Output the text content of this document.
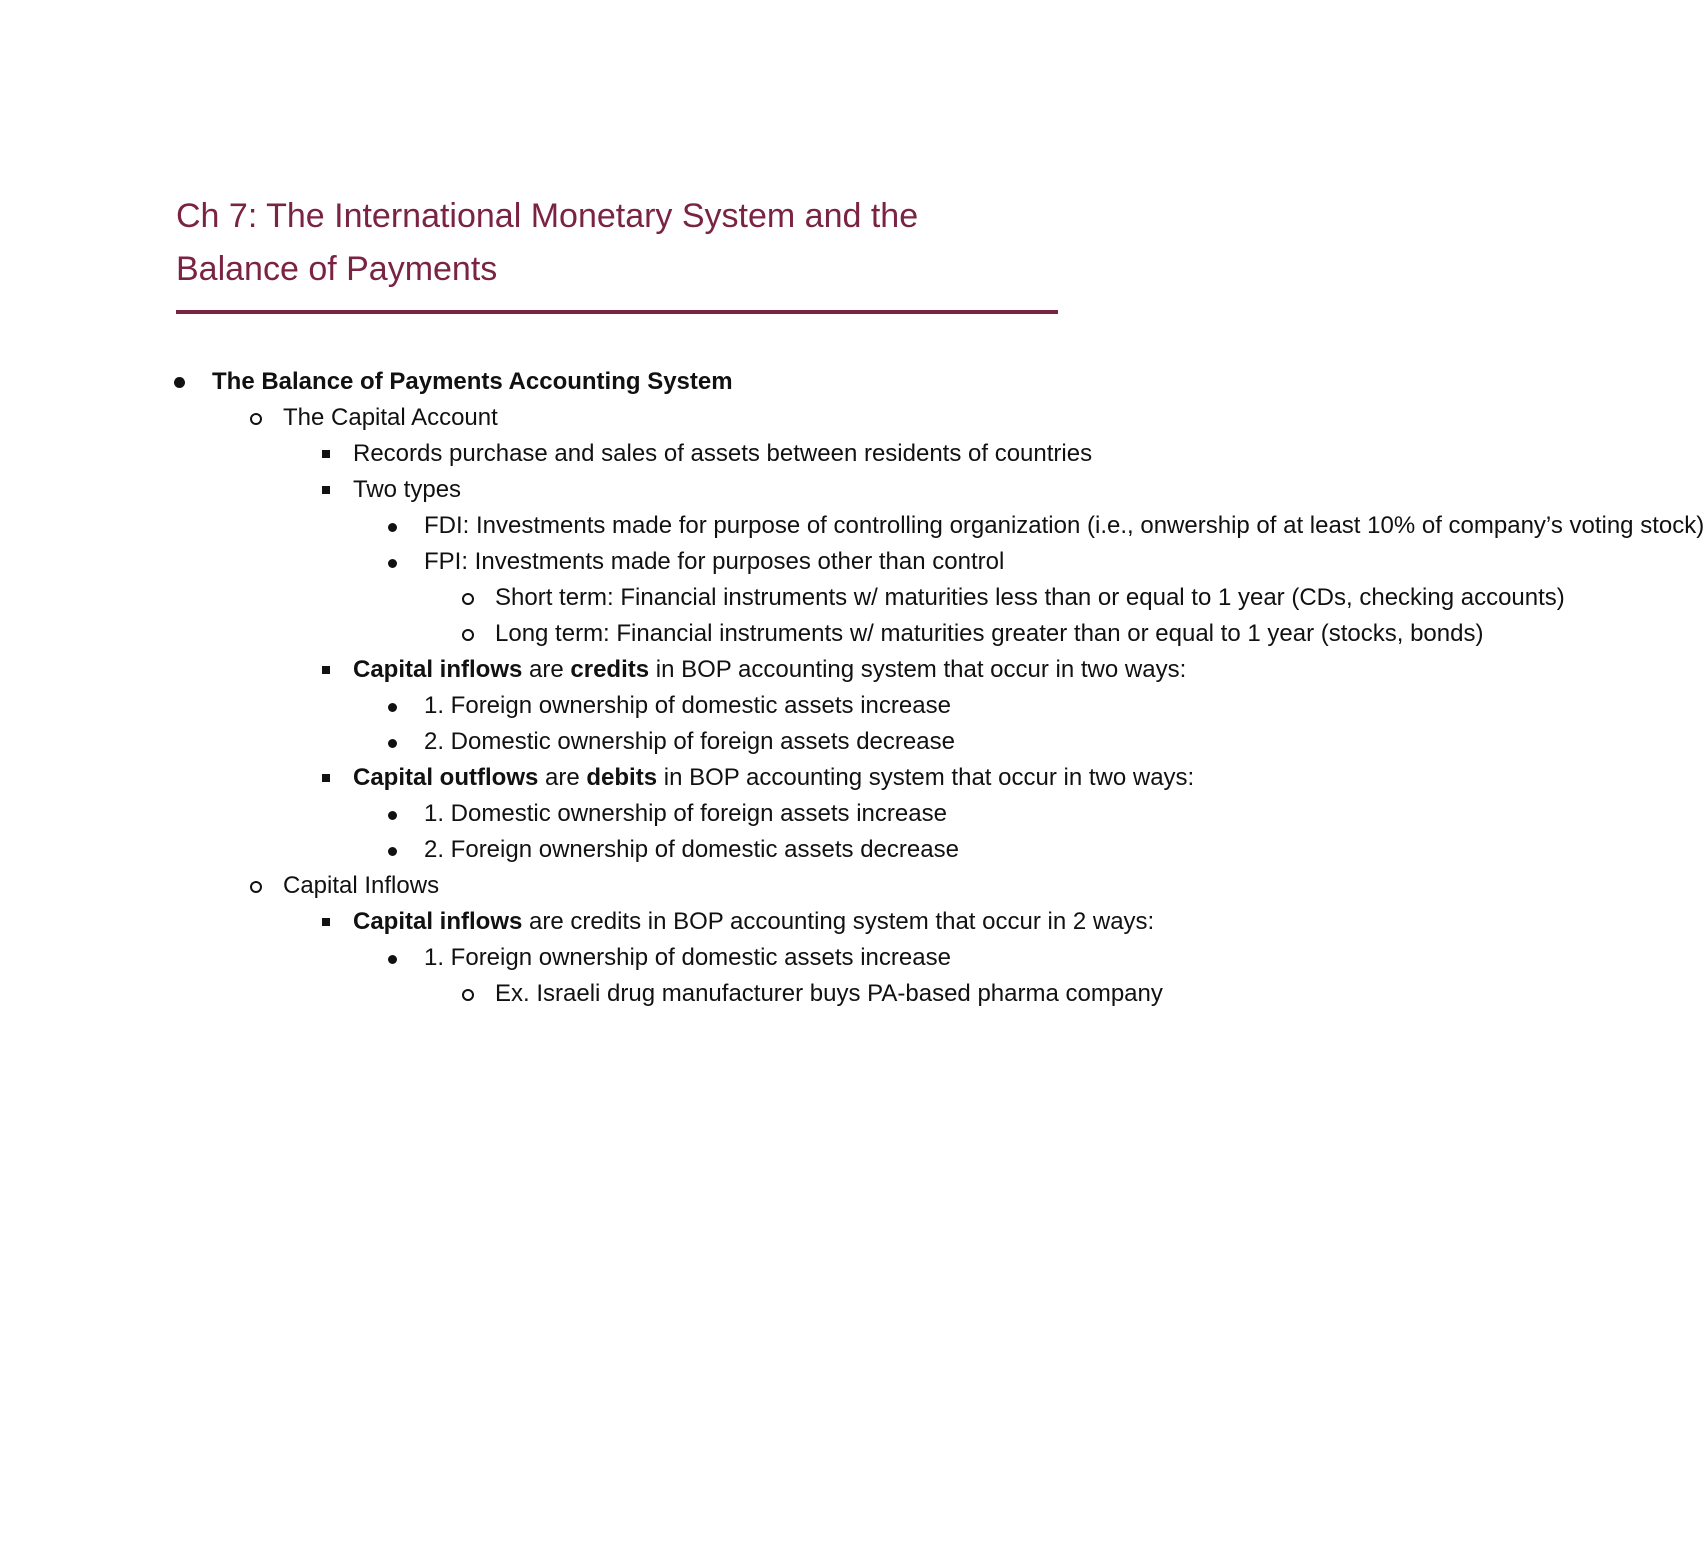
Ch 7: The International Monetary System and the
Balance of Payments
The Balance of Payments Accounting System
The Capital Account
Records purchase and sales of assets between residents of countries
Two types
FDI: Investments made for purpose of controlling organization (i.e., onwership of at least 10% of company’s voting stock)
FPI: Investments made for purposes other than control
Short term: Financial instruments w/ maturities less than or equal to 1 year (CDs, checking accounts)
Long term: Financial instruments w/ maturities greater than or equal to 1 year (stocks, bonds)
Capital inflows are credits in BOP accounting system that occur in two ways:
1. Foreign ownership of domestic assets increase
2. Domestic ownership of foreign assets decrease
Capital outflows are debits in BOP accounting system that occur in two ways:
1. Domestic ownership of foreign assets increase
2. Foreign ownership of domestic assets decrease
Capital Inflows
Capital inflows are credits in BOP accounting system that occur in 2 ways:
1. Foreign ownership of domestic assets increase
Ex. Israeli drug manufacturer buys PA-based pharma company
